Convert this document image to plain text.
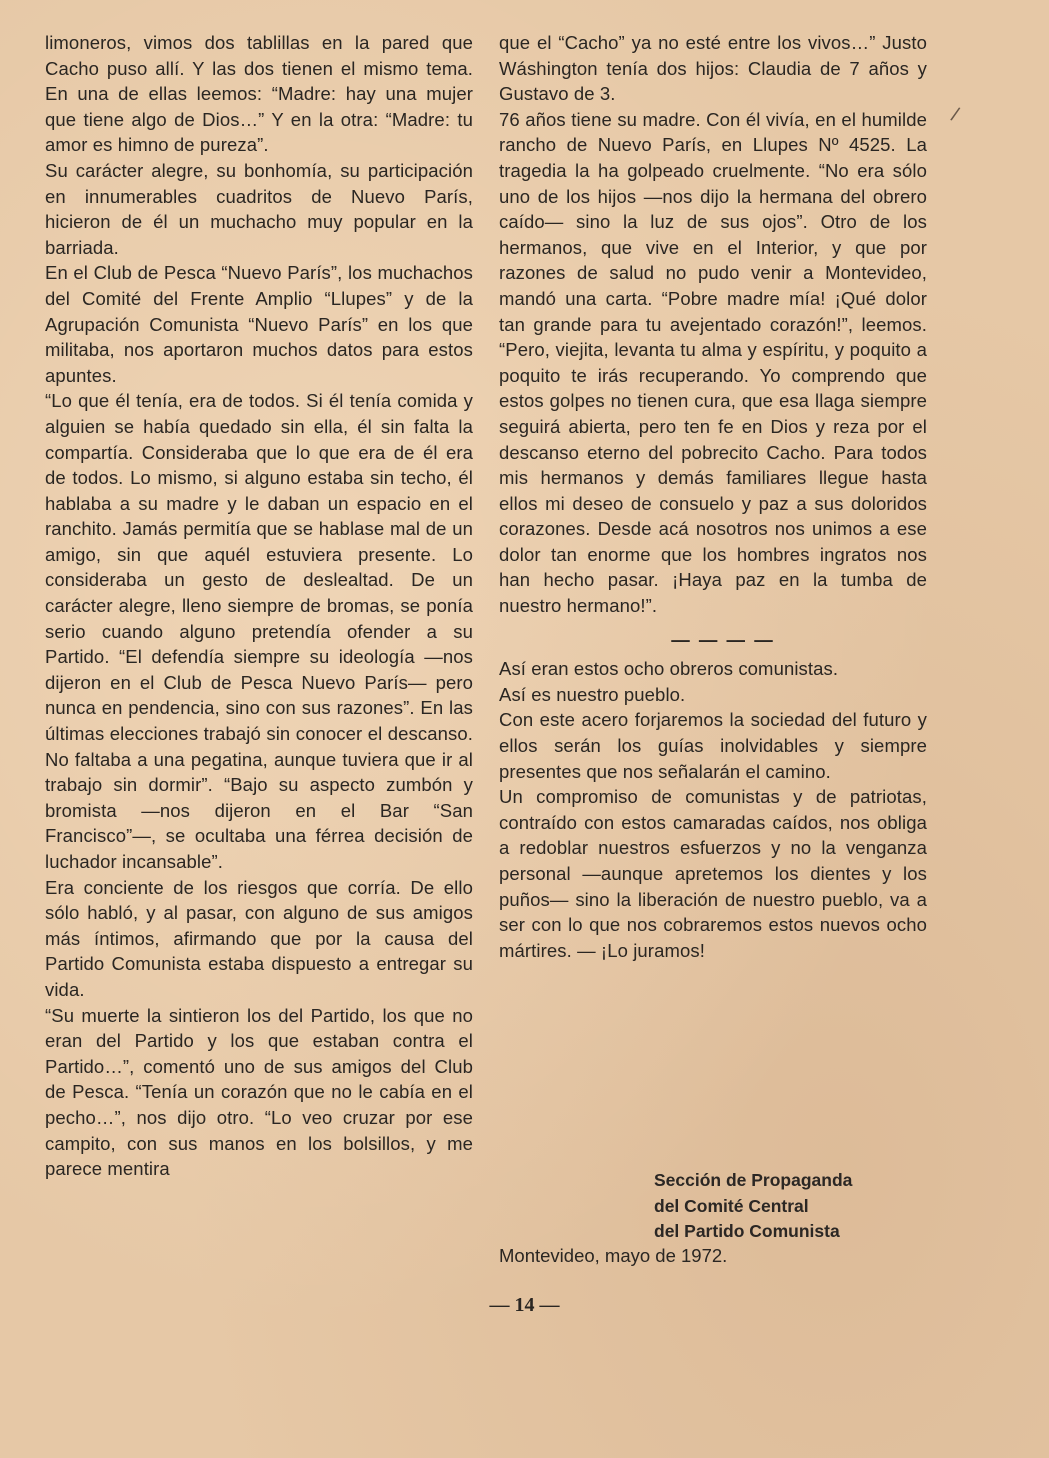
limoneros, vimos dos tablillas en la pared que Cacho puso allí. Y las dos tienen el mismo tema. En una de ellas leemos: “Madre: hay una mujer que tiene algo de Dios…” Y en la otra: “Madre: tu amor es himno de pureza”.

Su carácter alegre, su bonhomía, su participación en innumerables cuadritos de Nuevo París, hicieron de él un muchacho muy popular en la barriada.

En el Club de Pesca “Nuevo París”, los muchachos del Comité del Frente Amplio “Llupes” y de la Agrupación Comunista “Nuevo París” en los que militaba, nos aportaron muchos datos para estos apuntes.

“Lo que él tenía, era de todos. Si él tenía comida y alguien se había quedado sin ella, él sin falta la compartía. Consideraba que lo que era de él era de todos. Lo mismo, si alguno estaba sin techo, él hablaba a su madre y le daban un espacio en el ranchito. Jamás permitía que se hablase mal de un amigo, sin que aquél estuviera presente. Lo consideraba un gesto de deslealtad. De un carácter alegre, lleno siempre de bromas, se ponía serio cuando alguno pretendía ofender a su Partido. “El defendía siempre su ideología —nos dijeron en el Club de Pesca Nuevo París— pero nunca en pendencia, sino con sus razones”. En las últimas elecciones trabajó sin conocer el descanso. No faltaba a una pegatina, aunque tuviera que ir al trabajo sin dormir”. “Bajo su aspecto zumbón y bromista —nos dijeron en el Bar “San Francisco”—, se ocultaba una férrea decisión de luchador incansable”.

Era conciente de los riesgos que corría. De ello sólo habló, y al pasar, con alguno de sus amigos más íntimos, afirmando que por la causa del Partido Comunista estaba dispuesto a entregar su vida.

“Su muerte la sintieron los del Partido, los que no eran del Partido y los que estaban contra el Partido…”, comentó uno de sus amigos del Club de Pesca. “Tenía un corazón que no le cabía en el pecho…”, nos dijo otro. “Lo veo cruzar por ese campito, con sus manos en los bolsillos, y me parece mentira

que el “Cacho” ya no esté entre los vivos…” Justo Wáshington tenía dos hijos: Claudia de 7 años y Gustavo de 3.

76 años tiene su madre. Con él vivía, en el humilde rancho de Nuevo París, en Llupes Nº 4525. La tragedia la ha golpeado cruelmente. “No era sólo uno de los hijos —nos dijo la hermana del obrero caído— sino la luz de sus ojos”. Otro de los hermanos, que vive en el Interior, y que por razones de salud no pudo venir a Montevideo, mandó una carta. “Pobre madre mía! ¡Qué dolor tan grande para tu avejentado corazón!”, leemos. “Pero, viejita, levanta tu alma y espíritu, y poquito a poquito te irás recuperando. Yo comprendo que estos golpes no tienen cura, que esa llaga siempre seguirá abierta, pero ten fe en Dios y reza por el descanso eterno del pobrecito Cacho. Para todos mis hermanos y demás familiares llegue hasta ellos mi deseo de consuelo y paz a sus doloridos corazones. Desde acá nosotros nos unimos a ese dolor tan enorme que los hombres ingratos nos han hecho pasar. ¡Haya paz en la tumba de nuestro hermano!”.

— — — —

Así eran estos ocho obreros comunistas.

Así es nuestro pueblo.

Con este acero forjaremos la sociedad del futuro y ellos serán los guías inolvidables y siempre presentes que nos señalarán el camino.

Un compromiso de comunistas y de patriotas, contraído con estos camaradas caídos, nos obliga a redoblar nuestros esfuerzos y no la venganza personal —aunque apretemos los dientes y los puños— sino la liberación de nuestro pueblo, va a ser con lo que nos cobraremos estos nuevos ocho mártires. — ¡Lo juramos!

Sección de Propaganda
del Comité Central
del Partido Comunista
Montevideo, mayo de 1972.
— 14 —
/
